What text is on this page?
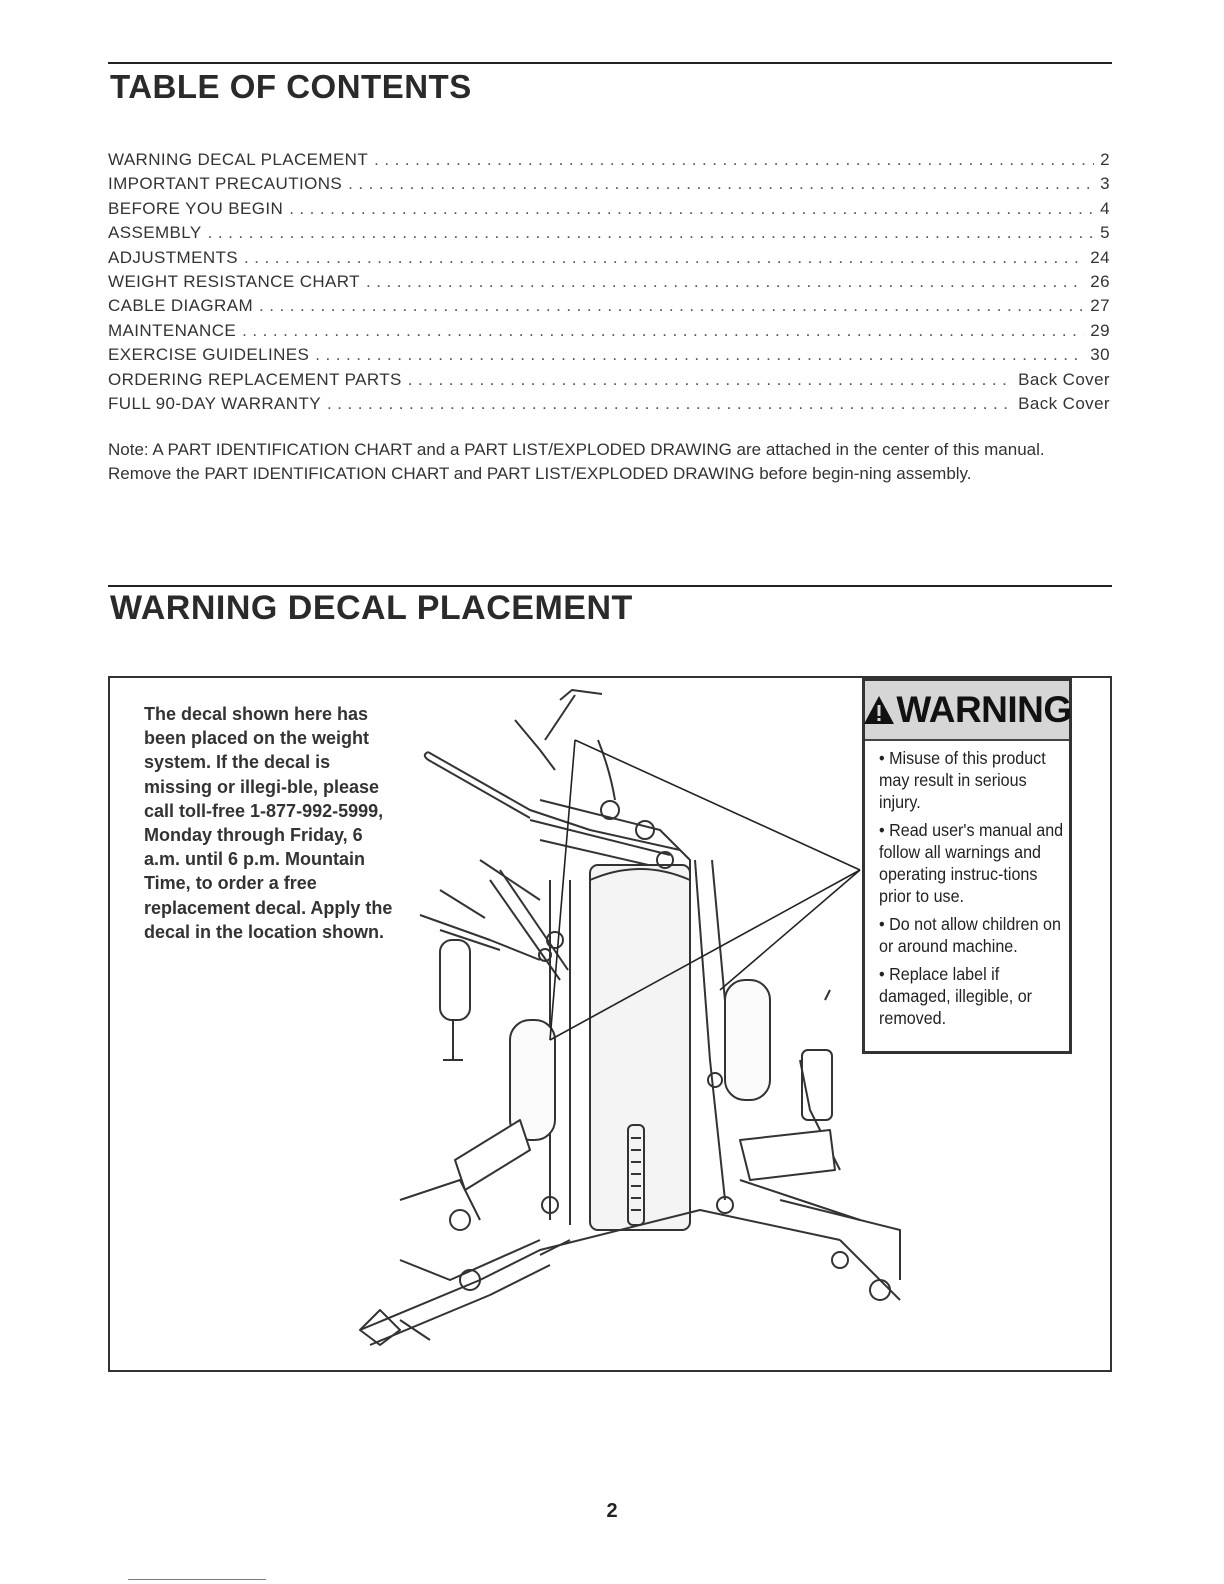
TABLE OF CONTENTS
WARNING DECAL PLACEMENT . . .	2
IMPORTANT PRECAUTIONS . . .	3
BEFORE YOU BEGIN . . .	4
ASSEMBLY . . .	5
ADJUSTMENTS . . .	24
WEIGHT RESISTANCE CHART . . .	26
CABLE DIAGRAM . . .	27
MAINTENANCE . . .	29
EXERCISE GUIDELINES . . .	30
ORDERING REPLACEMENT PARTS . . .	Back Cover
FULL 90-DAY WARRANTY . . .	Back Cover

Note: A PART IDENTIFICATION CHART and a PART LIST/EXPLODED DRAWING are attached in the center of this manual. Remove the PART IDENTIFICATION CHART and PART LIST/EXPLODED DRAWING before begin-ning assembly.

WARNING DECAL PLACEMENT

The decal shown here has been placed on the weight system. If the decal is missing or illegi-ble, please call toll-free 1-877-992-5999, Monday through Friday, 6 a.m. until 6 p.m. Mountain Time, to order a free replacement decal. Apply the decal in the location shown.

WARNING
• Misuse of this product may result in serious injury.
• Read user's manual and follow all warnings and operating instruc-tions prior to use.
• Do not allow children on or around machine.
• Replace label if damaged, illegible, or removed.
2
